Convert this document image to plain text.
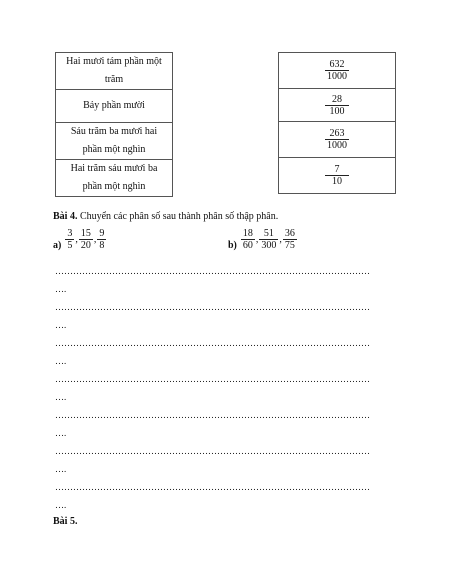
Hai mươi tám phần một
trăm

Bảy phần mười

Sáu trăm ba mươi hai
phần một nghìn

Hai trăm sáu mươi ba
phần một nghìn
$\frac{632}{1000}$

$\frac{28}{100}$

$\frac{263}{1000}$

$\frac{7}{10}$
Bài 4. Chuyển các phân số sau thành phân số thập phân.
$a) \frac{3}{5}$ , $\frac{15}{20}$ , $\frac{9}{8}$	$b) \frac{18}{60}$ , $\frac{51}{300}$ , $\frac{36}{75}$
……………………………………………………………………………………………
….
……………………………………………………………………………………………
….
……………………………………………………………………………………………
….
……………………………………………………………………………………………
….
……………………………………………………………………………………………
….
……………………………………………………………………………………………
….
……………………………………………………………………………………………
….
Bài 5.
